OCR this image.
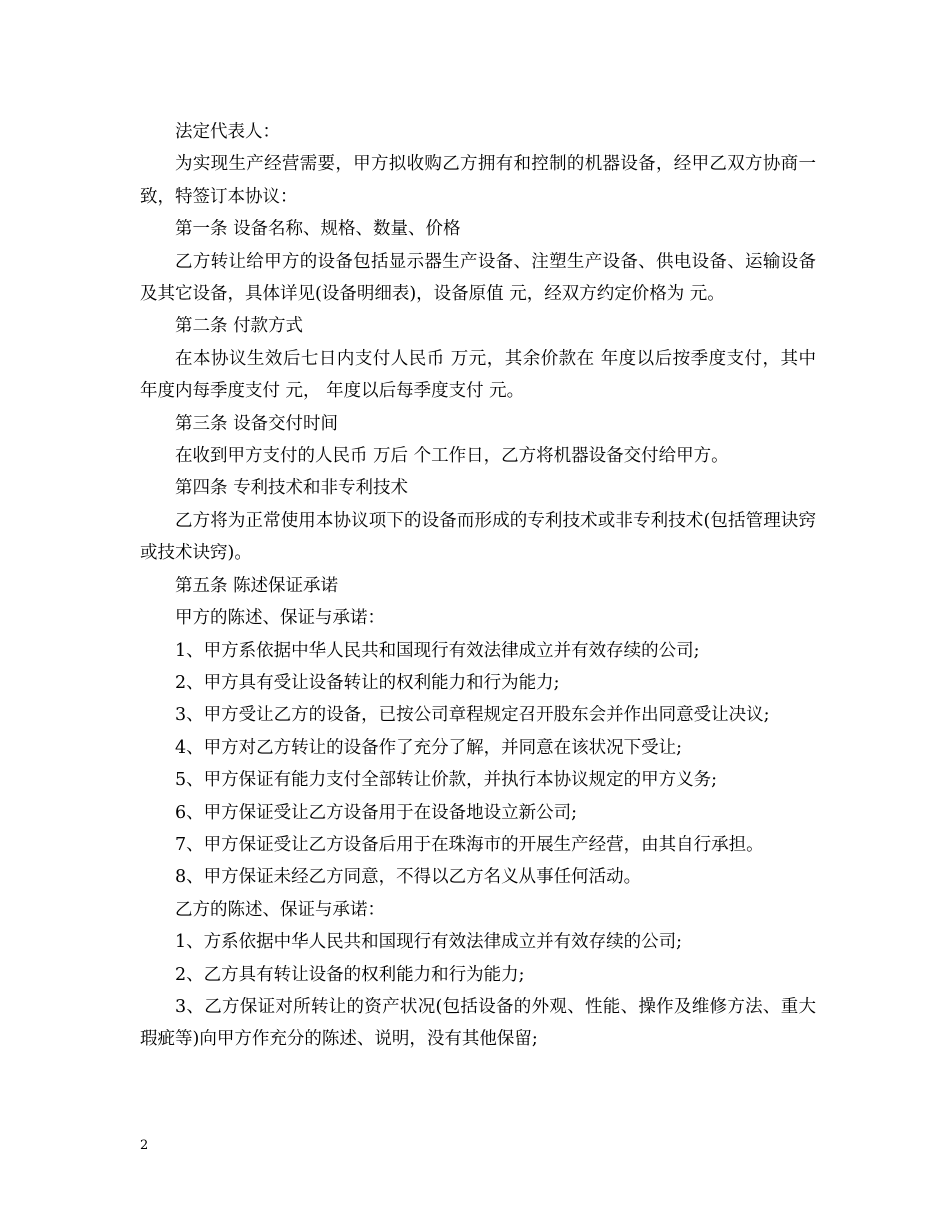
法定代表人：

为实现生产经营需要，甲方拟收购乙方拥有和控制的机器设备，经甲乙双方协商一致，特签订本协议：

第一条 设备名称、规格、数量、价格

乙方转让给甲方的设备包括显示器生产设备、注塑生产设备、供电设备、运输设备及其它设备，具体详见(设备明细表)，设备原值 元，经双方约定价格为 元。

第二条 付款方式

在本协议生效后七日内支付人民币 万元，其余价款在 年度以后按季度支付，其中年度内每季度支付 元， 年度以后每季度支付 元。

第三条 设备交付时间

在收到甲方支付的人民币 万后 个工作日，乙方将机器设备交付给甲方。

第四条 专利技术和非专利技术

乙方将为正常使用本协议项下的设备而形成的专利技术或非专利技术(包括管理诀窍或技术诀窍)。

第五条 陈述保证承诺

甲方的陈述、保证与承诺：

1、甲方系依据中华人民共和国现行有效法律成立并有效存续的公司;

2、甲方具有受让设备转让的权利能力和行为能力;

3、甲方受让乙方的设备，已按公司章程规定召开股东会并作出同意受让决议;

4、甲方对乙方转让的设备作了充分了解，并同意在该状况下受让;

5、甲方保证有能力支付全部转让价款，并执行本协议规定的甲方义务;

6、甲方保证受让乙方设备用于在设备地设立新公司;

7、甲方保证受让乙方设备后用于在珠海市的开展生产经营，由其自行承担。

8、甲方保证未经乙方同意，不得以乙方名义从事任何活动。

乙方的陈述、保证与承诺：

1、方系依据中华人民共和国现行有效法律成立并有效存续的公司;

2、乙方具有转让设备的权利能力和行为能力;

3、乙方保证对所转让的资产状况(包括设备的外观、性能、操作及维修方法、重大瑕疵等)向甲方作充分的陈述、说明，没有其他保留;

2
